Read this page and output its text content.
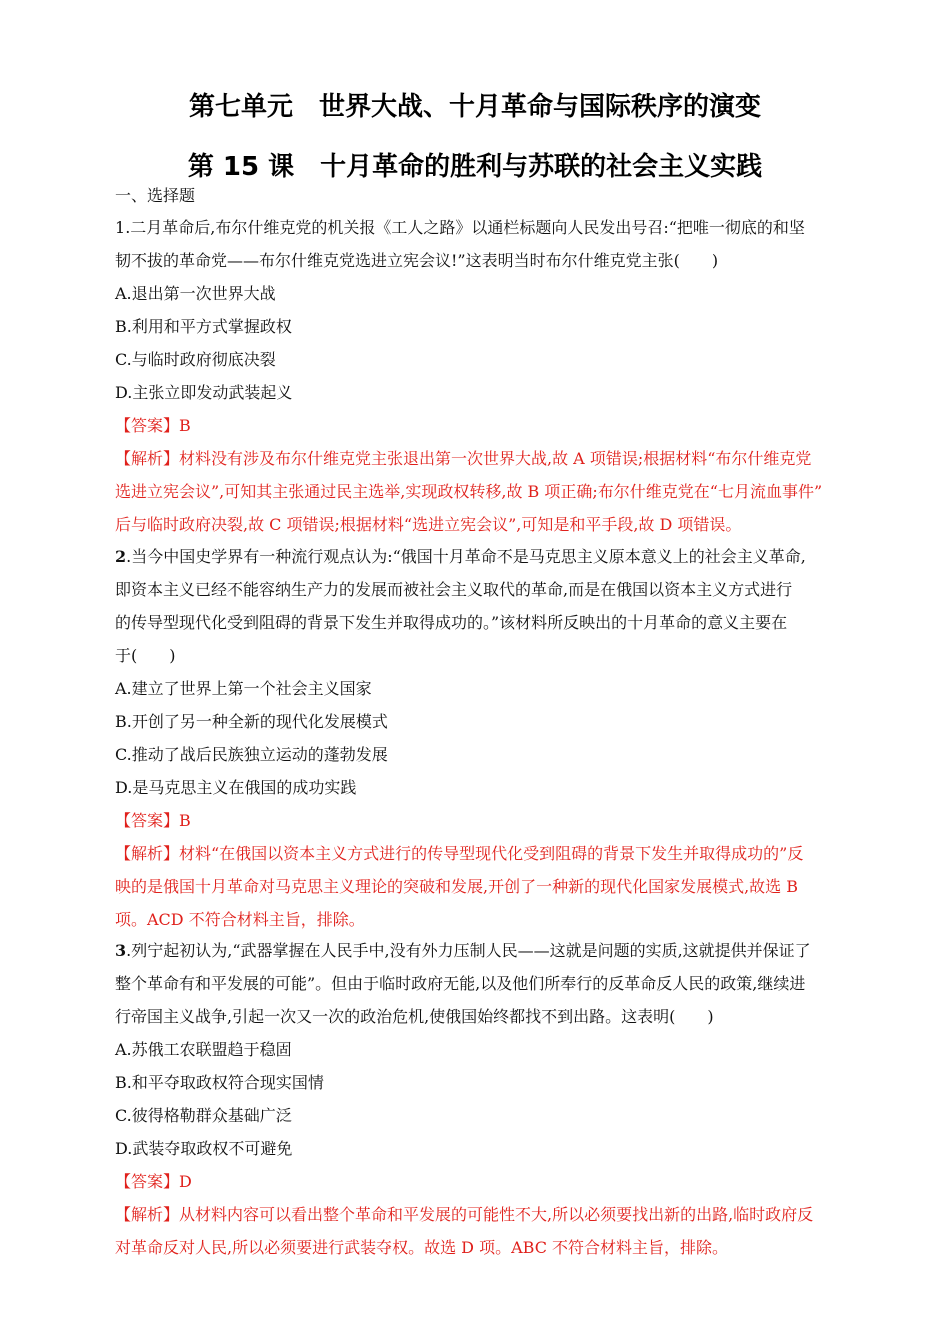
第七单元　世界大战、十月革命与国际秩序的演变
第 15 课　十月革命的胜利与苏联的社会主义实践
一、选择题
1.二月革命后,布尔什维克党的机关报《工人之路》以通栏标题向人民发出号召:“把唯一彻底的和坚
韧不拔的革命党——布尔什维克党选进立宪会议!”这表明当时布尔什维克党主张(　　)
A.退出第一次世界大战
B.利用和平方式掌握政权
C.与临时政府彻底决裂
D.主张立即发动武装起义
【答案】B
【解析】材料没有涉及布尔什维克党主张退出第一次世界大战,故 A 项错误;根据材料“布尔什维克党
选进立宪会议”,可知其主张通过民主选举,实现政权转移,故 B 项正确;布尔什维克党在“七月流血事件”
后与临时政府决裂,故 C 项错误;根据材料“选进立宪会议”,可知是和平手段,故 D 项错误。
2.当今中国史学界有一种流行观点认为:“俄国十月革命不是马克思主义原本意义上的社会主义革命,
即资本主义已经不能容纳生产力的发展而被社会主义取代的革命,而是在俄国以资本主义方式进行
的传导型现代化受到阻碍的背景下发生并取得成功的。”该材料所反映出的十月革命的意义主要在
于(　　)
A.建立了世界上第一个社会主义国家
B.开创了另一种全新的现代化发展模式
C.推动了战后民族独立运动的蓬勃发展
D.是马克思主义在俄国的成功实践
【答案】B
【解析】材料“在俄国以资本主义方式进行的传导型现代化受到阻碍的背景下发生并取得成功的”反
映的是俄国十月革命对马克思主义理论的突破和发展,开创了一种新的现代化国家发展模式,故选 B
项。ACD 不符合材料主旨，排除。
3.列宁起初认为,“武器掌握在人民手中,没有外力压制人民——这就是问题的实质,这就提供并保证了
整个革命有和平发展的可能”。但由于临时政府无能,以及他们所奉行的反革命反人民的政策,继续进
行帝国主义战争,引起一次又一次的政治危机,使俄国始终都找不到出路。这表明(　　)
A.苏俄工农联盟趋于稳固
B.和平夺取政权符合现实国情
C.彼得格勒群众基础广泛
D.武装夺取政权不可避免
【答案】D
【解析】从材料内容可以看出整个革命和平发展的可能性不大,所以必须要找出新的出路,临时政府反
对革命反对人民,所以必须要进行武装夺权。故选 D 项。ABC 不符合材料主旨，排除。
